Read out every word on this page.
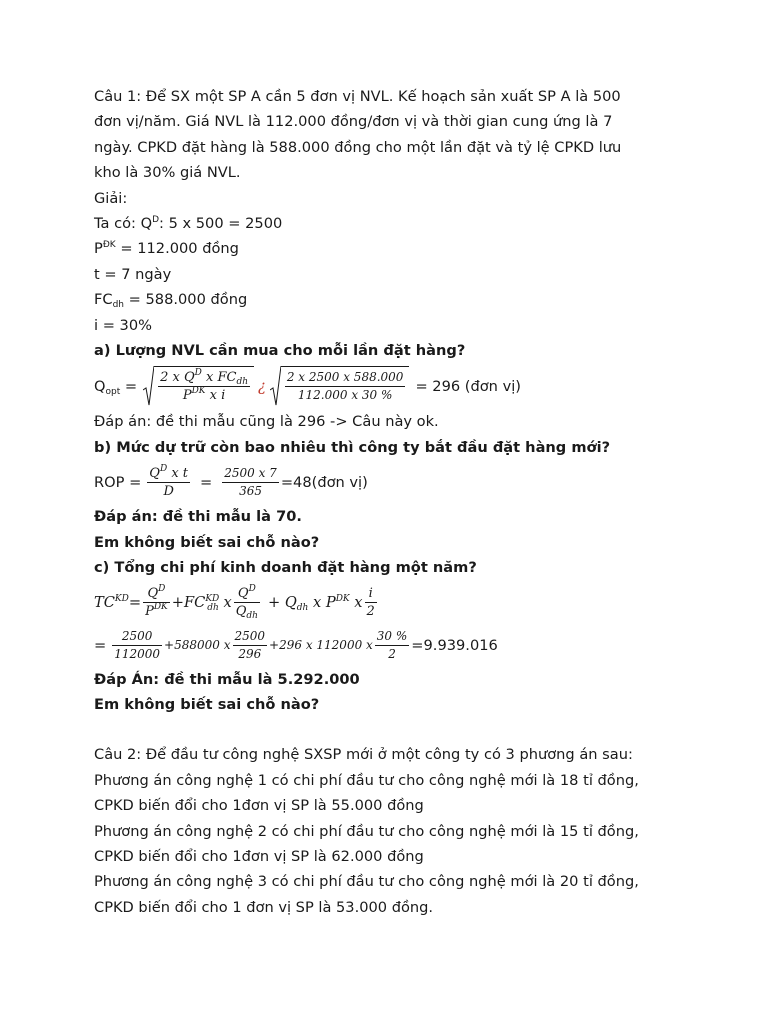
Câu 1: Để SX một SP A cần 5 đơn vị NVL. Kế hoạch sản xuất SP A là 500

đơn vị/năm. Giá NVL là 112.000 đồng/đơn vị và thời gian cung ứng là 7

ngày. CPKD đặt hàng là 588.000 đồng cho một lần đặt và tỷ lệ CPKD lưu

kho là 30% giá NVL.

Giải:

Ta có: $Q^D$: 5 x 500 = 2500

$P^{ĐK} = 112.000$ đồng

t = 7 ngày

$FC_{dh} = 588.000$ đồng

i = 30%

a) Lượng NVL cần mua cho mỗi lần đặt hàng?

$Q_{opt} = \frac{2 x Q^D x FC_{dh}}{P^{DK} x i}$ ¿ $\frac{2 x 2500 x 588.000}{112.000 x 30 \%} = 296$ (đơn vị)

Đáp án: đề thi mẫu cũng là 296 -> Câu này ok.

b) Mức dự trữ còn bao nhiêu thì công ty bắt đầu đặt hàng mới?

ROP = $\frac{Q^D x t}{D} = \frac{2500 x 7}{365}$ =48(đơn vị)

Đáp án: đề thi mẫu là 70.

Em không biết sai chỗ nào?

c) Tổng chi phí kinh doanh đặt hàng một năm?

$TC^{KD}= \frac{Q^D}{P^{DK}} +FC^{KD}_{dh}$ x $\frac{Q^D}{Q_{dh}} + Q_{dh}$ x $P^{DK}$ x $\frac{i}{2}$
= $\frac{2500}{112000} +588000$ x $\frac{2500}{296} +296$ x 112000 x $\frac{30 \%}{2} =9.939.016$

Đáp Án: đề thi mẫu là 5.292.000

Em không biết sai chỗ nào?

Câu 2: Để đầu tư công nghệ SXSP mới ở một công ty có 3 phương án sau:

Phương án công nghệ 1 có chi phí đầu tư cho công nghệ mới là 18 tỉ đồng,

CPKD biến đổi cho 1đơn vị SP là 55.000 đồng

Phương án công nghệ 2 có chi phí đầu tư cho công nghệ mới là 15 tỉ đồng,

CPKD biến đổi cho 1đơn vị SP là 62.000 đồng

Phương án công nghệ 3 có chi phí đầu tư cho công nghệ mới là 20 tỉ đồng,

CPKD biến đổi cho 1 đơn vị SP là 53.000 đồng.
